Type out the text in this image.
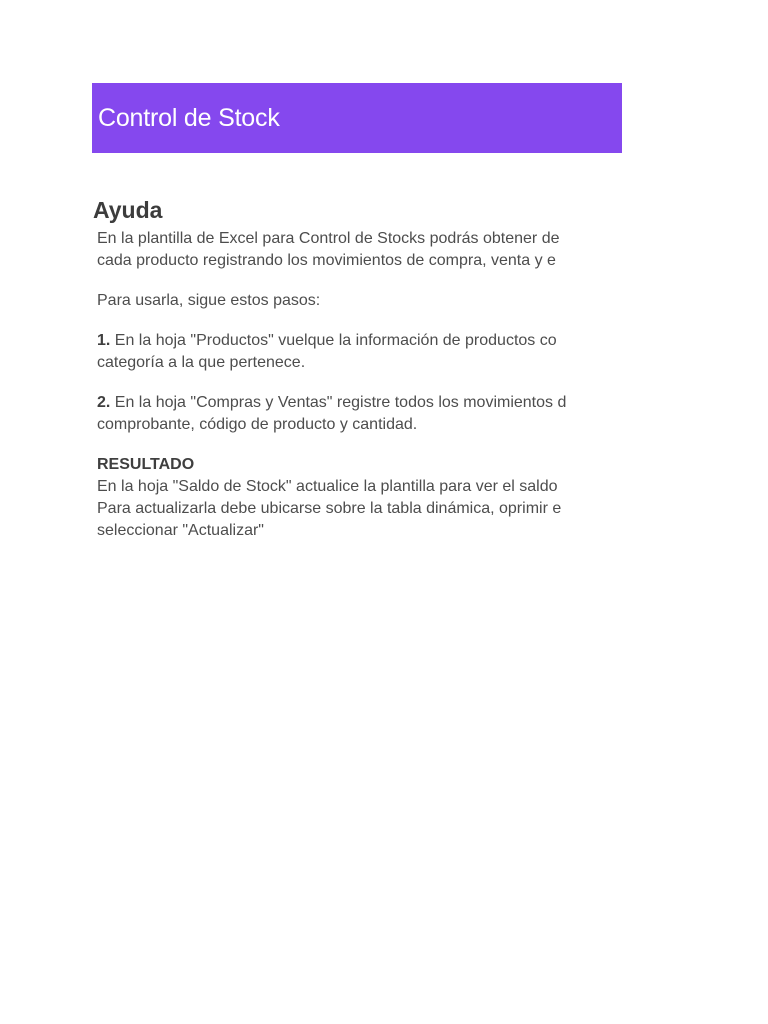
Control de Stock
Ayuda
En la plantilla de Excel para Control de Stocks podrás obtener de
cada producto registrando los movimientos de compra, venta y e
Para usarla, sigue estos pasos:
1. En la hoja "Productos" vuelque la información de productos co
categoría a la que pertenece.
2. En la hoja "Compras y Ventas" registre todos los movimientos d
comprobante, código de producto y cantidad.
RESULTADO
En la hoja "Saldo de Stock" actualice la plantilla para ver el saldo
Para actualizarla debe ubicarse sobre la tabla dinámica, oprimir e
seleccionar "Actualizar"
